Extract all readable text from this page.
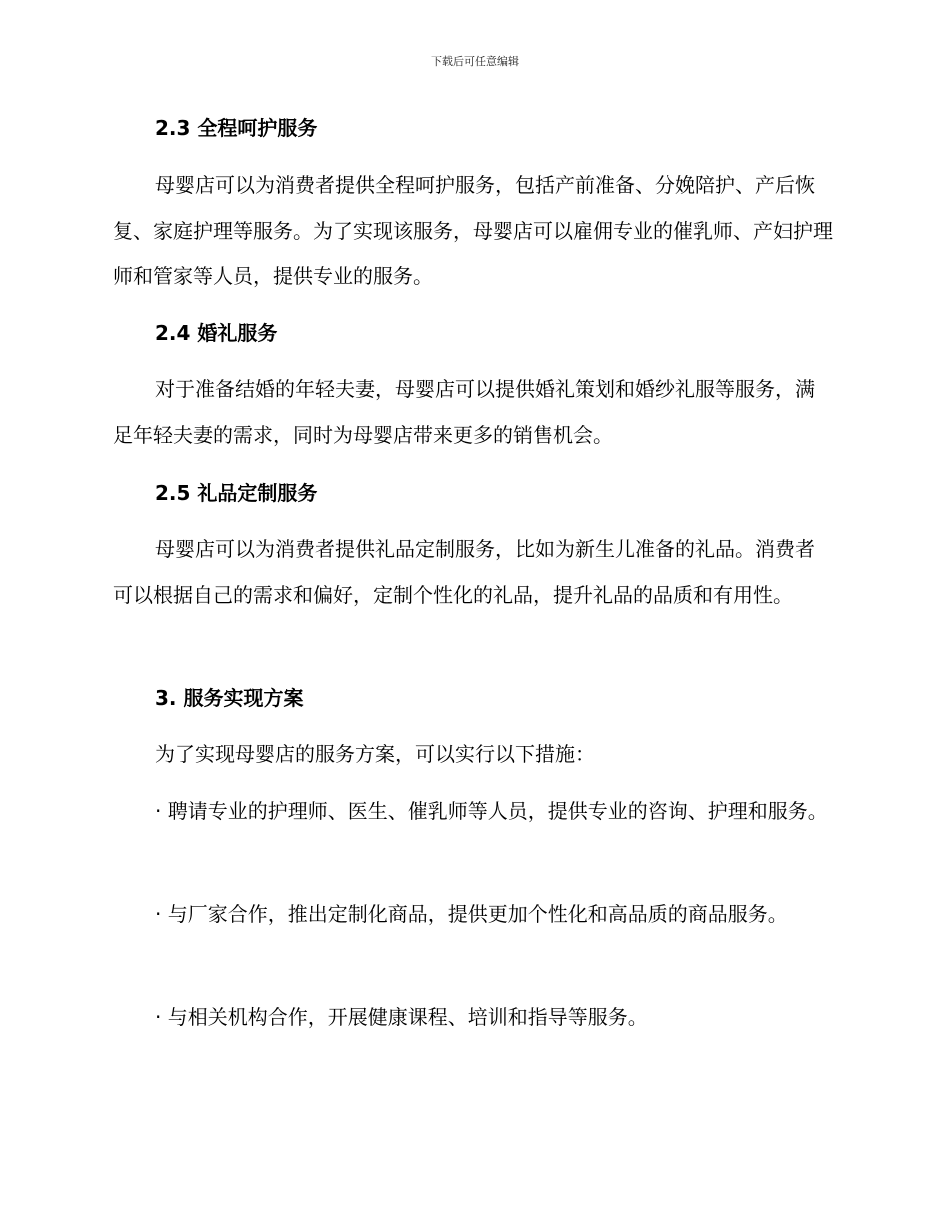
下载后可任意编辑
2.3 全程呵护服务

母婴店可以为消费者提供全程呵护服务，包括产前准备、分娩陪护、产后恢复、家庭护理等服务。为了实现该服务，母婴店可以雇佣专业的催乳师、产妇护理师和管家等人员，提供专业的服务。

2.4 婚礼服务

对于准备结婚的年轻夫妻，母婴店可以提供婚礼策划和婚纱礼服等服务，满足年轻夫妻的需求，同时为母婴店带来更多的销售机会。

2.5 礼品定制服务

母婴店可以为消费者提供礼品定制服务，比如为新生儿准备的礼品。消费者可以根据自己的需求和偏好，定制个性化的礼品，提升礼品的品质和有用性。

3. 服务实现方案

为了实现母婴店的服务方案，可以实行以下措施：

· 聘请专业的护理师、医生、催乳师等人员，提供专业的咨询、护理和服务。

· 与厂家合作，推出定制化商品，提供更加个性化和高品质的商品服务。

· 与相关机构合作，开展健康课程、培训和指导等服务。
